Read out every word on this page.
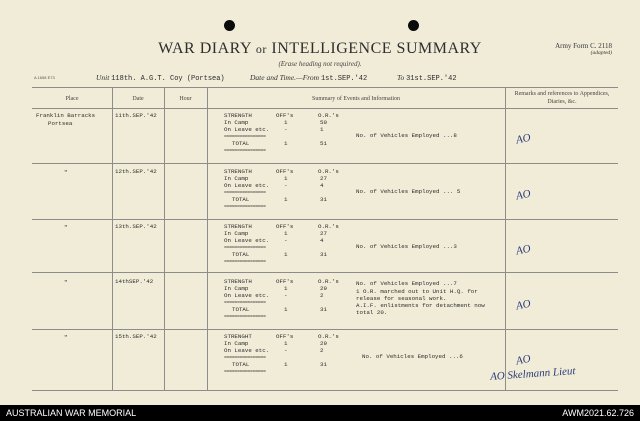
WAR DIARY or INTELLIGENCE SUMMARY
(Erase heading not required).
Army Form C. 2118
(adapted)
A 1658 E73	Unit 118th. A.G.T. Coy (Portsea)	Date and Time.—From 1st.SEP.'42	To 31st.SEP.'42
Place	Date	Hour	Summary of Events and Information
Remarks and references to Appendices, Diaries, &c.
Franklin Barracks
Portsea
11th.SEP.'42	STRENGTH	OFF's	O.R.'s
In Camp	1	50
On Leave etc.	-	1
================
TOTAL	1	51
================
No. of Vehicles Employed ...8	AO
"	12th.SEP.'42	STRENGTH	OFF's	O.R.'s
In Camp	1	27
On Leave etc.	-	4
================
TOTAL	1	31
================
No. of Vehicles Employed ... 5	AO
"	13th.SEP.'42	STRENGTH	OFF's	O.R.'s
In Camp	1	27
On Leave etc.	-	4
================
TOTAL	1	31
================
No. of Vehicles Employed ...3	AO
"	14thSEP.'42	STRENGTH	OFF's	O.R.'s
In Camp	1	29
On Leave etc.	-	2
================
TOTAL	1	31
================
No. of Vehicles Employed ...7
1 O.R. marched out to Unit H.Q. for
release for seasonal work.
A.I.F. enlistments for detachment now
total 20.
AO
"	15th.SEP.'42	STRENGHT	OFF's	O.R.'s
In Camp	1	29
On Leave etc.	-	2
================
TOTAL	1	31
================
No. of Vehicles Employed ...6	AO
AO Skelmann Lieut
AUSTRALIAN WAR MEMORIAL	AWM2021.62.726
